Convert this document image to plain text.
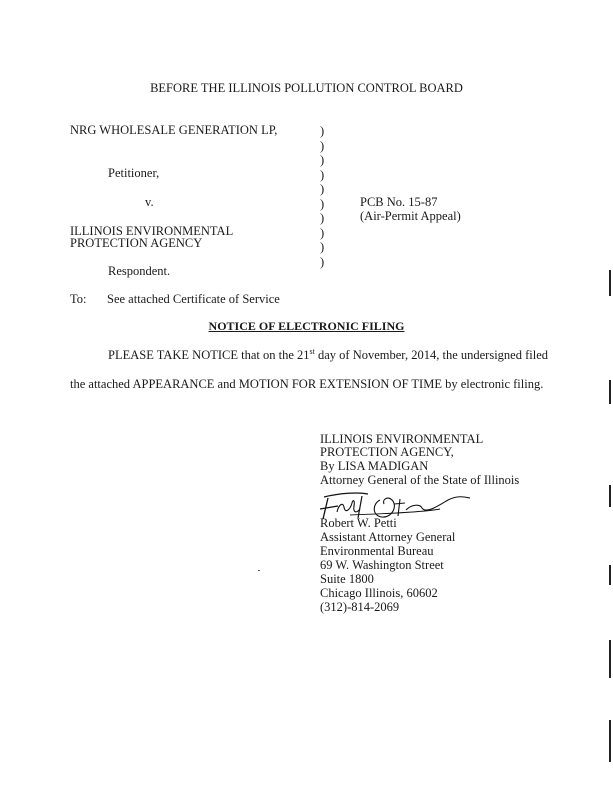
BEFORE THE ILLINOIS POLLUTION CONTROL BOARD
NRG WHOLESALE GENERATION LP,
Petitioner,
v.
ILLINOIS ENVIRONMENTAL
PROTECTION AGENCY
Respondent.
)
)
)
)
)
)
)
)
)
)
PCB No. 15-87
(Air-Permit Appeal)
To: See attached Certificate of Service
NOTICE OF ELECTRONIC FILING
PLEASE TAKE NOTICE that on the 21st day of November, 2014, the undersigned filed
the attached APPEARANCE and MOTION FOR EXTENSION OF TIME by electronic filing.
ILLINOIS ENVIRONMENTAL
PROTECTION AGENCY,
By LISA MADIGAN
Attorney General of the State of Illinois
Robert W. Petti
Assistant Attorney General
Environmental Bureau
69 W. Washington Street
Suite 1800
Chicago Illinois, 60602
(312)-814-2069
